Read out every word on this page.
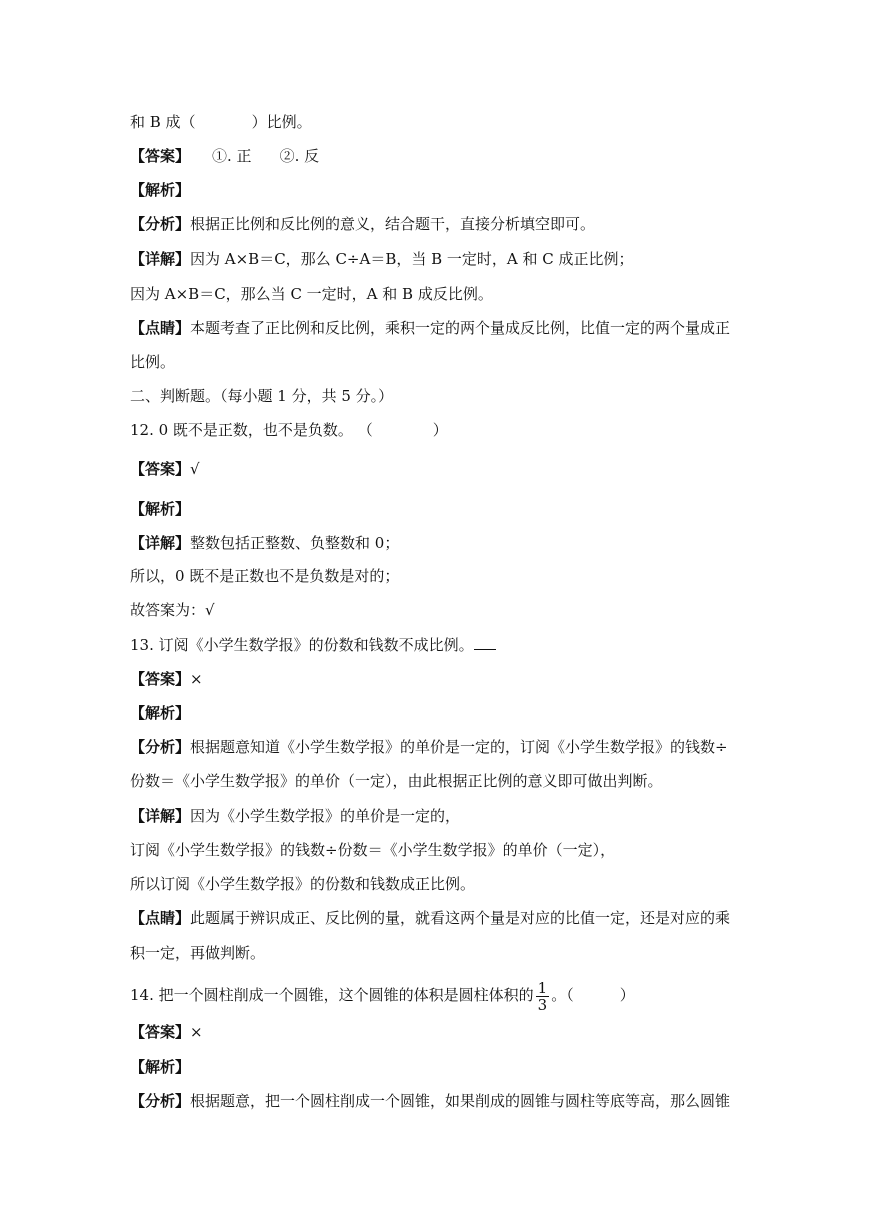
和 B 成（	）比例。
【答案】 ①. 正 ②. 反
【解析】
【分析】根据正比例和反比例的意义，结合题干，直接分析填空即可。
【详解】因为 A×B＝C，那么 C÷A＝B，当 B 一定时，A 和 C 成正比例；
因为 A×B＝C，那么当 C 一定时，A 和 B 成反比例。
【点睛】本题考查了正比例和反比例，乘积一定的两个量成反比例，比值一定的两个量成正
比例。
二、判断题。（每小题 1 分，共 5 分。）
12. 0 既不是正数，也不是负数。 （	）
【答案】√
【解析】
【详解】整数包括正整数、负整数和 0；
所以，0 既不是正数也不是负数是对的；
故答案为：√
13. 订阅《小学生数学报》的份数和钱数不成比例。
【答案】×
【解析】
【分析】根据题意知道《小学生数学报》的单价是一定的，订阅《小学生数学报》的钱数÷
份数＝《小学生数学报》的单价（一定），由此根据正比例的意义即可做出判断。
【详解】因为《小学生数学报》的单价是一定的，
订阅《小学生数学报》的钱数÷份数＝《小学生数学报》的单价（一定），
所以订阅《小学生数学报》的份数和钱数成正比例。
【点睛】此题属于辨识成正、反比例的量，就看这两个量是对应的比值一定，还是对应的乘
积一定，再做判断。
14. 把一个圆柱削成一个圆锥，这个圆锥的体积是圆柱体积的 $\frac{1}{3}$ 。（	）
【答案】×
【解析】
【分析】根据题意，把一个圆柱削成一个圆锥，如果削成的圆锥与圆柱等底等高，那么圆锥
